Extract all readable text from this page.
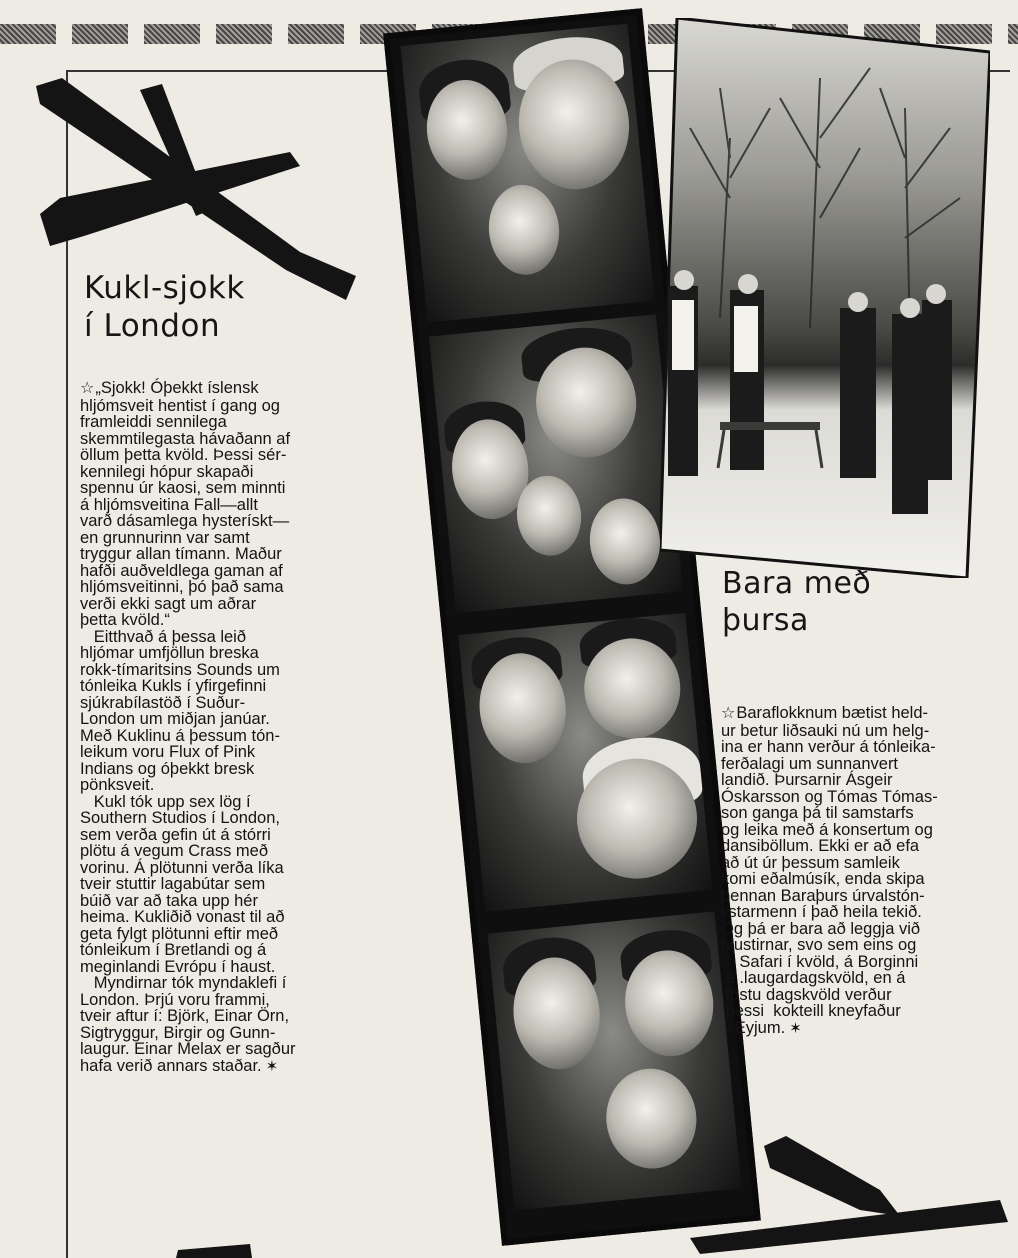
Kukl-sjokk
í London

☆„Sjokk! Óþekkt íslensk
hljómsveit hentist í gang og
framleiddi sennilega
skemmtilegasta hávaðann af
öllum þetta kvöld. Þessi sér-
kennilegi hópur skapaði
spennu úr kaosi, sem minnti
á hljómsveitina Fall—allt
varð dásamlega hysterískt—
en grunnurinn var samt
tryggur allan tímann. Maður
hafði auðveldlega gaman af
hljómsveitinni, þó það sama
verði ekki sagt um aðrar
þetta kvöld.“

Eitthvað á þessa leið
hljómar umfjöllun breska
rokk-tímaritsins Sounds um
tónleika Kukls í yfirgefinni
sjúkrabílastöð í Suður-
London um miðjan janúar.
Með Kuklinu á þessum tón-
leikum voru Flux of Pink
Indians og óþekkt bresk
pönksveit.

Kukl tók upp sex lög í
Southern Studios í London,
sem verða gefin út á stórri
plötu á vegum Crass með
vorinu. Á plötunni verða líka
tveir stuttir lagabútar sem
búið var að taka upp hér
heima. Kukliðið vonast til að
geta fylgt plötunni eftir með
tónleikum í Bretlandi og á
meginlandi Evrópu í haust.

Myndirnar tók myndaklefi í
London. Þrjú voru frammi,
tveir aftur í: Björk, Einar Örn,
Sigtryggur, Birgir og Gunn-
laugur. Einar Melax er sagður
hafa verið annars staðar. ✶

Bara með
þursa

☆Baraflokknum bætist held-
ur betur liðsauki nú um helg-
ina er hann verður á tónleika-
ferðalagi um sunnanvert
landið. Þursarnir Ásgeir
Óskarsson og Tómas Tómas-
son ganga þá til samstarfs
og leika með á konsertum og
dansiböllum. Ekki er að efa
að út úr þessum samleik
komi eðalmúsík, enda skipa
þennan Baraþurs úrvalstón-
listarmenn í það heila tekið.
Og þá er bara að leggja við
hlustirnar, svo sem eins og
í  Safari í kvöld, á Borginni
á .laugardagskvöld, en á
föstu dagskvöld verður
þessi  kokteill kneyfaður
í Eyjum. ✶
